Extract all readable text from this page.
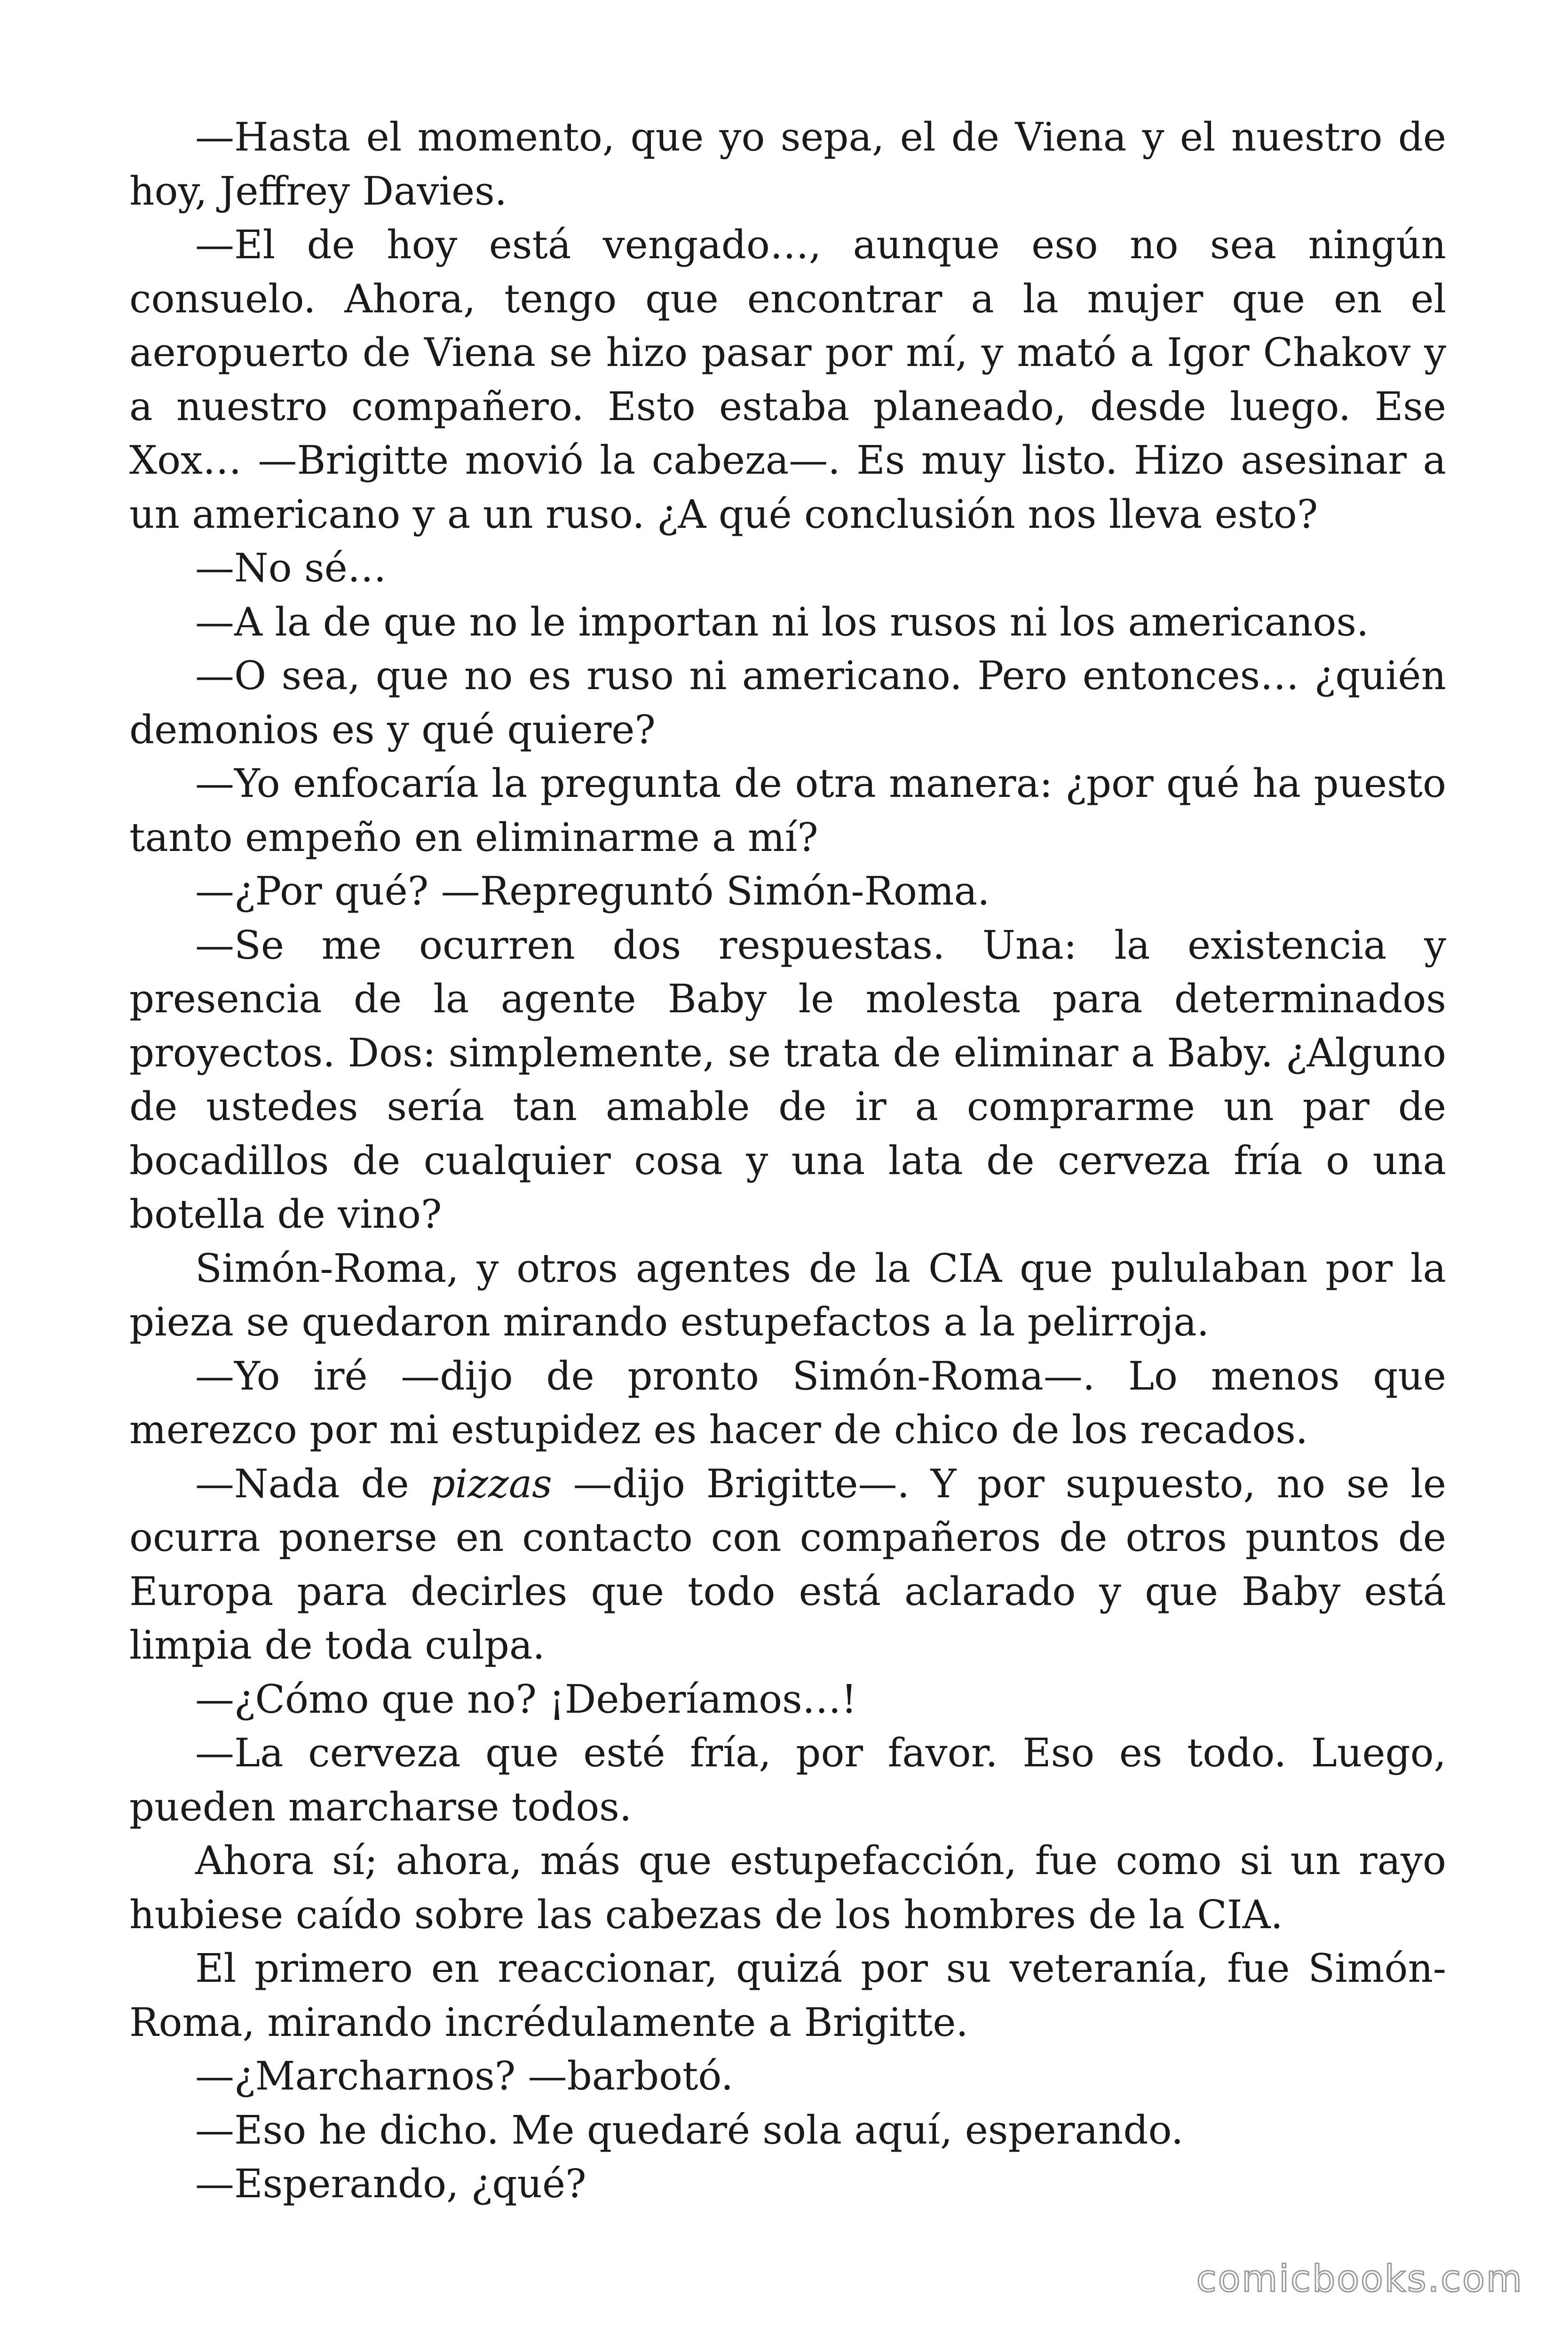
—Hasta el momento, que yo sepa, el de Viena y el nuestro de hoy, Jeffrey Davies.

—El de hoy está vengado…, aunque eso no sea ningún consuelo. Ahora, tengo que encontrar a la mujer que en el aeropuerto de Viena se hizo pasar por mí, y mató a Igor Chakov y a nuestro compañero. Esto estaba planeado, desde luego. Ese Xox… —Brigitte movió la cabeza—. Es muy listo. Hizo asesinar a un americano y a un ruso. ¿A qué conclusión nos lleva esto?

—No sé…

—A la de que no le importan ni los rusos ni los americanos.

—O sea, que no es ruso ni americano. Pero entonces… ¿quién demonios es y qué quiere?

—Yo enfocaría la pregunta de otra manera: ¿por qué ha puesto tanto empeño en eliminarme a mí?

—¿Por qué? —Repreguntó Simón-Roma.

—Se me ocurren dos respuestas. Una: la existencia y presencia de la agente Baby le molesta para determinados proyectos. Dos: simplemente, se trata de eliminar a Baby. ¿Alguno de ustedes sería tan amable de ir a comprarme un par de bocadillos de cualquier cosa y una lata de cerveza fría o una botella de vino?

Simón-Roma, y otros agentes de la CIA que pululaban por la pieza se quedaron mirando estupefactos a la pelirroja.

—Yo iré —dijo de pronto Simón-Roma—. Lo menos que merezco por mi estupidez es hacer de chico de los recados.

—Nada de pizzas —dijo Brigitte—. Y por supuesto, no se le ocurra ponerse en contacto con compañeros de otros puntos de Europa para decirles que todo está aclarado y que Baby está limpia de toda culpa.

—¿Cómo que no? ¡Deberíamos…!

—La cerveza que esté fría, por favor. Eso es todo. Luego, pueden marcharse todos.

Ahora sí; ahora, más que estupefacción, fue como si un rayo hubiese caído sobre las cabezas de los hombres de la CIA.

El primero en reaccionar, quizá por su veteranía, fue Simón-Roma, mirando incrédulamente a Brigitte.

—¿Marcharnos? —barbotó.

—Eso he dicho. Me quedaré sola aquí, esperando.

—Esperando, ¿qué?

comicbooks.com
